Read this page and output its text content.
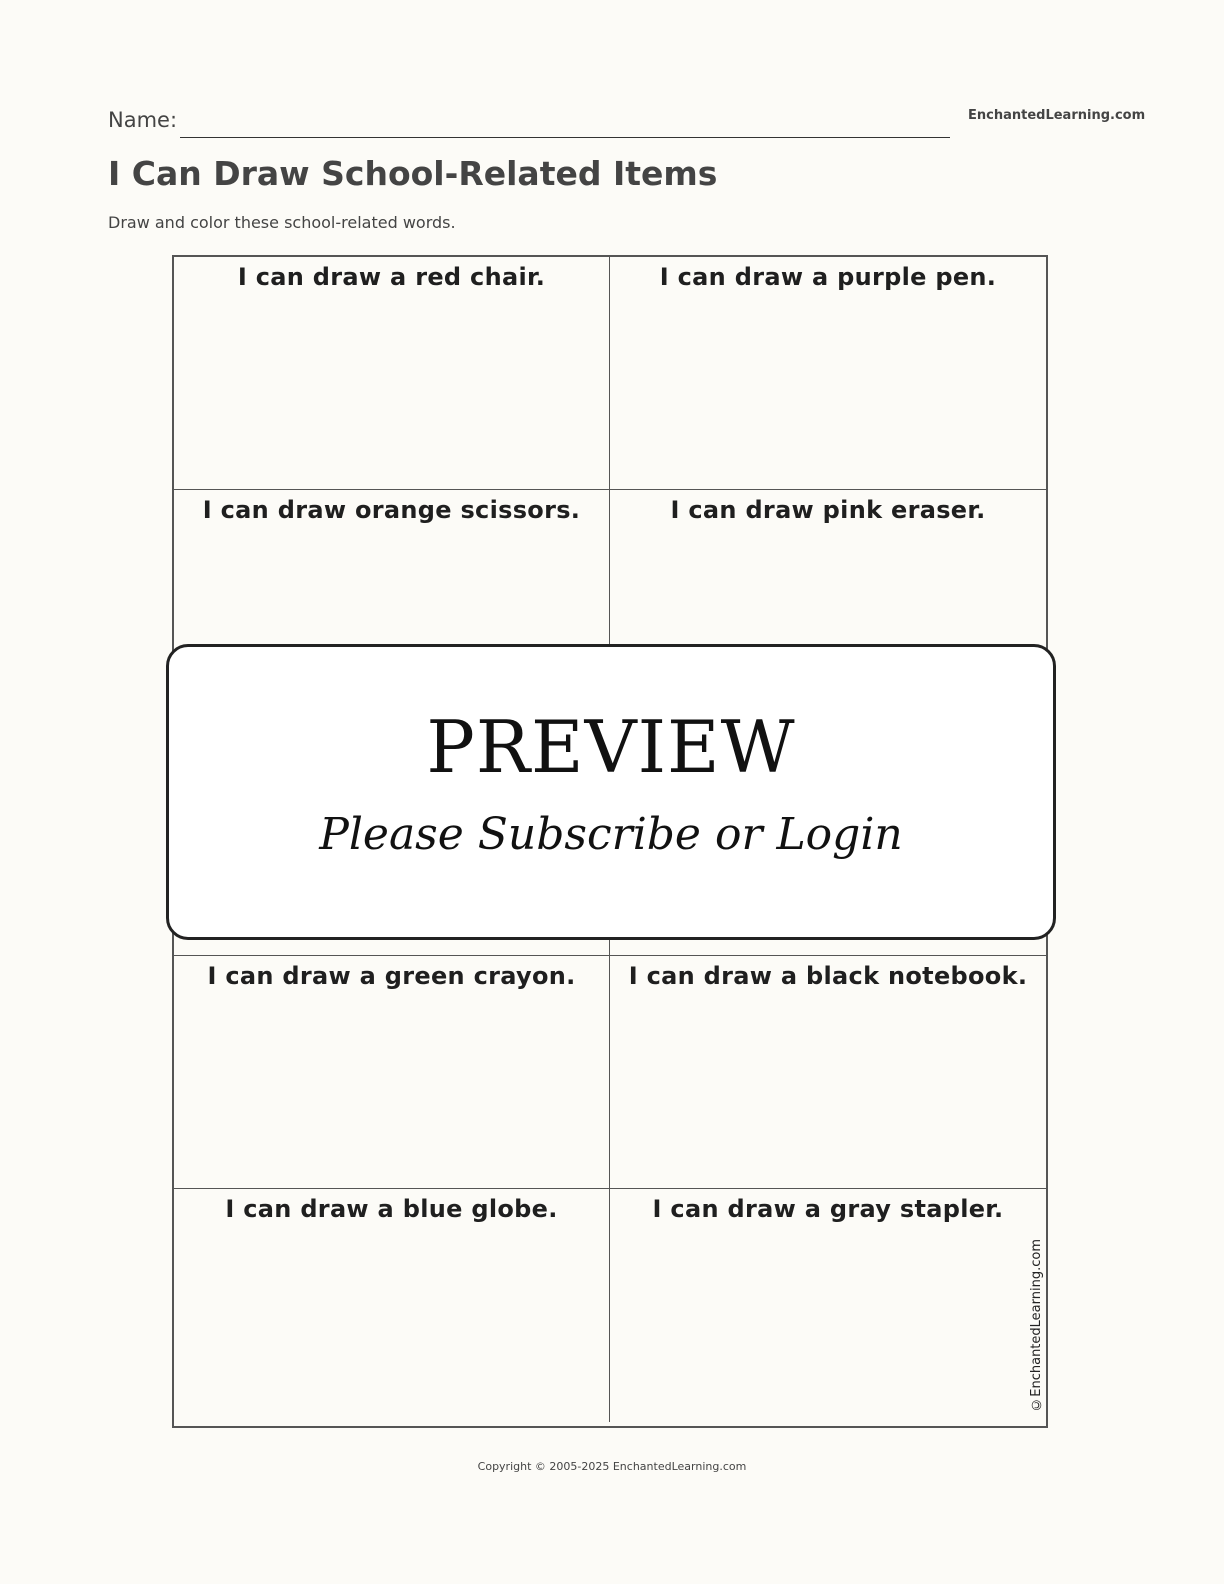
Name:	EnchantedLearning.com
I Can Draw School-Related Items
Draw and color these school-related words.
I can draw a red chair.	I can draw a purple pen.
I can draw orange scissors.	I can draw pink eraser.
I can draw a green crayon.	I can draw a black notebook.
I can draw a blue globe.	I can draw a gray stapler.
©EnchantedLearning.com
PREVIEW
Please Subscribe or Login
Copyright © 2005-2025 EnchantedLearning.com
